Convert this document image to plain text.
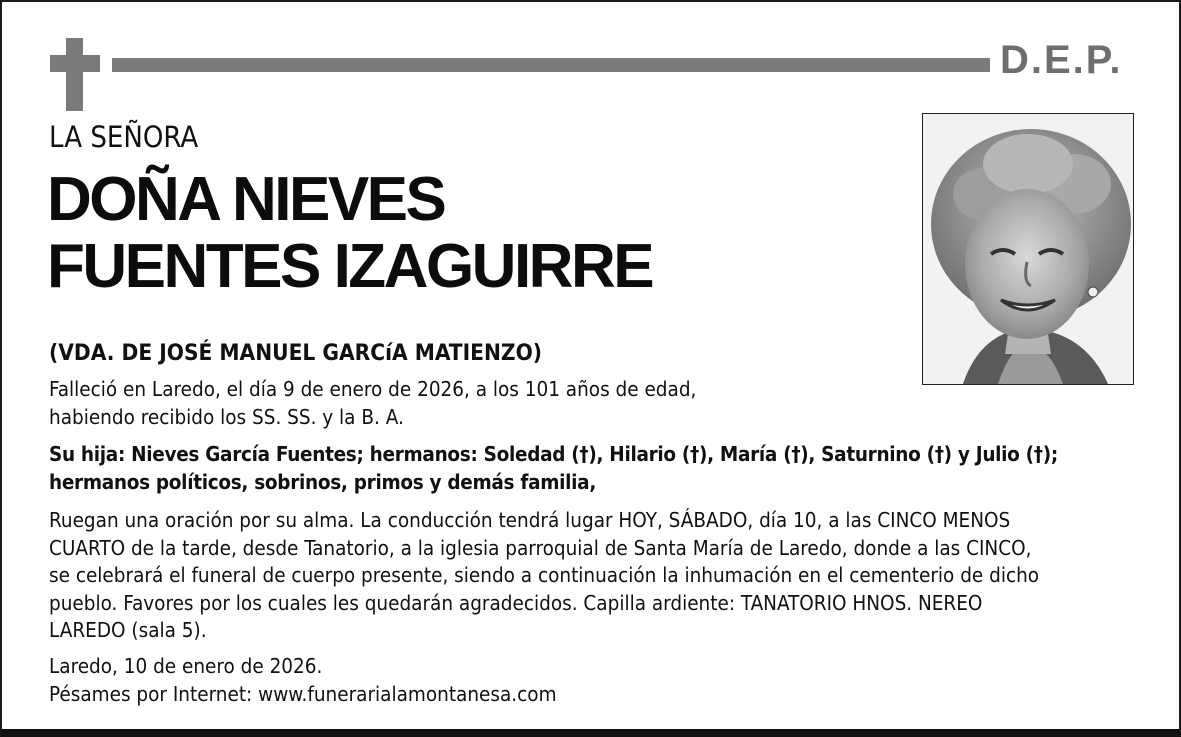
D.E.P.
LA SEÑORA
DOÑA NIEVES
FUENTES IZAGUIRRE
(VDA. DE JOSÉ MANUEL GARCíA MATIENZO)
Falleció en Laredo, el día 9 de enero de 2026, a los 101 años de edad,
habiendo recibido los SS. SS. y la B. A.
Su hija: Nieves García Fuentes; hermanos: Soledad (†), Hilario (†), María (†), Saturnino (†) y Julio (†);
hermanos políticos, sobrinos, primos y demás familia,
Ruegan una oración por su alma. La conducción tendrá lugar HOY, SÁBADO, día 10, a las CINCO MENOS
CUARTO de la tarde, desde Tanatorio, a la iglesia parroquial de Santa María de Laredo, donde a las CINCO,
se celebrará el funeral de cuerpo presente, siendo a continuación la inhumación en el cementerio de dicho
pueblo. Favores por los cuales les quedarán agradecidos. Capilla ardiente: TANATORIO HNOS. NEREO
LAREDO (sala 5).
Laredo, 10 de enero de 2026.
Pésames por Internet: www.funerarialamontanesa.com
